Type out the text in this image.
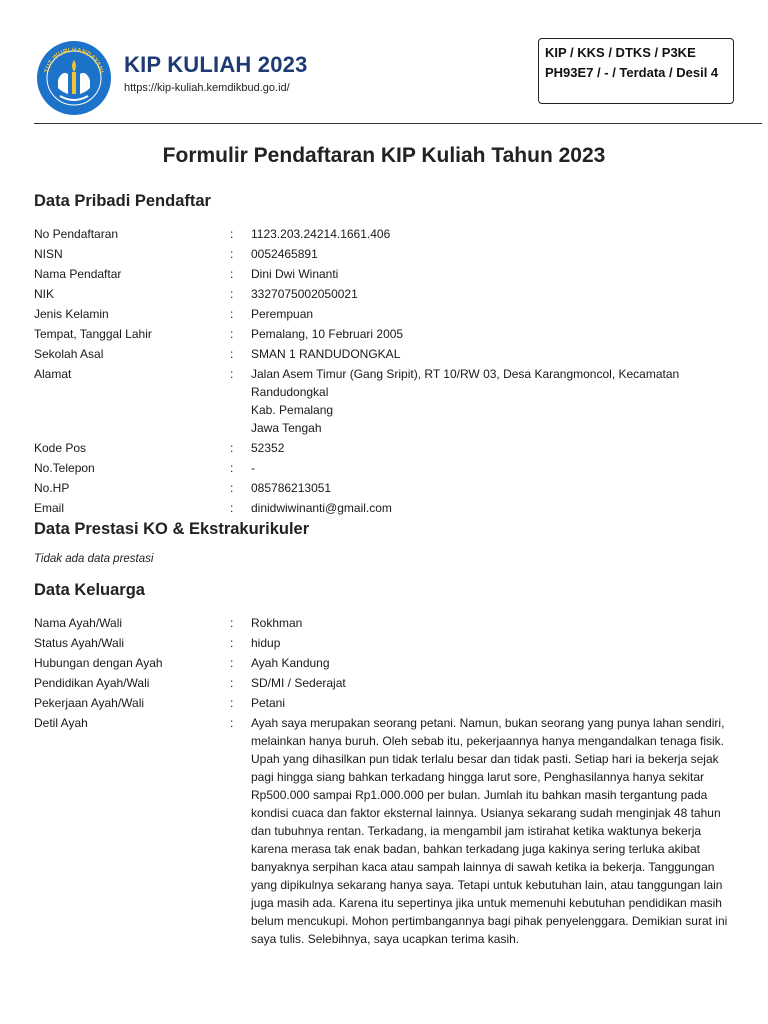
TUT WURI HANDAYANI KIP KULIAH 2023
https://kip-kuliah.kemdikbud.go.id/
KIP / KKS / DTKS / P3KE PH93E7 / - / Terdata / Desil 4
Formulir Pendaftaran KIP Kuliah Tahun 2023
Data Pribadi Pendaftar
No Pendaftaran	:	1123.203.24214.1661.406
NISN	:	0052465891
Nama Pendaftar	:	Dini Dwi Winanti
NIK	:	3327075002050021
Jenis Kelamin	:	Perempuan
Tempat, Tanggal Lahir	:	Pemalang, 10 Februari 2005
Sekolah Asal	:	SMAN 1 RANDUDONGKAL
Alamat	:	Jalan Asem Timur (Gang Sripit), RT 10/RW 03, Desa Karangmoncol, Kecamatan Randudongkal
Kab. Pemalang
Jawa Tengah
Kode Pos	:	52352
No.Telepon	:	-
No.HP	:	085786213051
Email	:	dinidwiwinanti@gmail.com
Data Prestasi KO & Ekstrakurikuler
Tidak ada data prestasi
Data Keluarga
Nama Ayah/Wali	:	Rokhman
Status Ayah/Wali	:	hidup
Hubungan dengan Ayah	:	Ayah Kandung
Pendidikan Ayah/Wali	:	SD/MI / Sederajat
Pekerjaan Ayah/Wali	:	Petani
Detil Ayah	:	Ayah saya merupakan seorang petani. Namun, bukan seorang yang punya lahan sendiri, melainkan hanya buruh. Oleh sebab itu, pekerjaannya hanya mengandalkan tenaga fisik. Upah yang dihasilkan pun tidak terlalu besar dan tidak pasti. Setiap hari ia bekerja sejak pagi hingga siang bahkan terkadang hingga larut sore, Penghasilannya hanya sekitar Rp500.000 sampai Rp1.000.000 per bulan. Jumlah itu bahkan masih tergantung pada kondisi cuaca dan faktor eksternal lainnya. Usianya sekarang sudah menginjak 48 tahun dan tubuhnya rentan. Terkadang, ia mengambil jam istirahat ketika waktunya bekerja karena merasa tak enak badan, bahkan terkadang juga kakinya sering terluka akibat banyaknya serpihan kaca atau sampah lainnya di sawah ketika ia bekerja. Tanggungan yang dipikulnya sekarang hanya saya. Tetapi untuk kebutuhan lain, atau tanggungan lain juga masih ada. Karena itu sepertinya jika untuk memenuhi kebutuhan pendidikan masih belum mencukupi. Mohon pertimbangannya bagi pihak penyelenggara. Demikian surat ini saya tulis. Selebihnya, saya ucapkan terima kasih.
